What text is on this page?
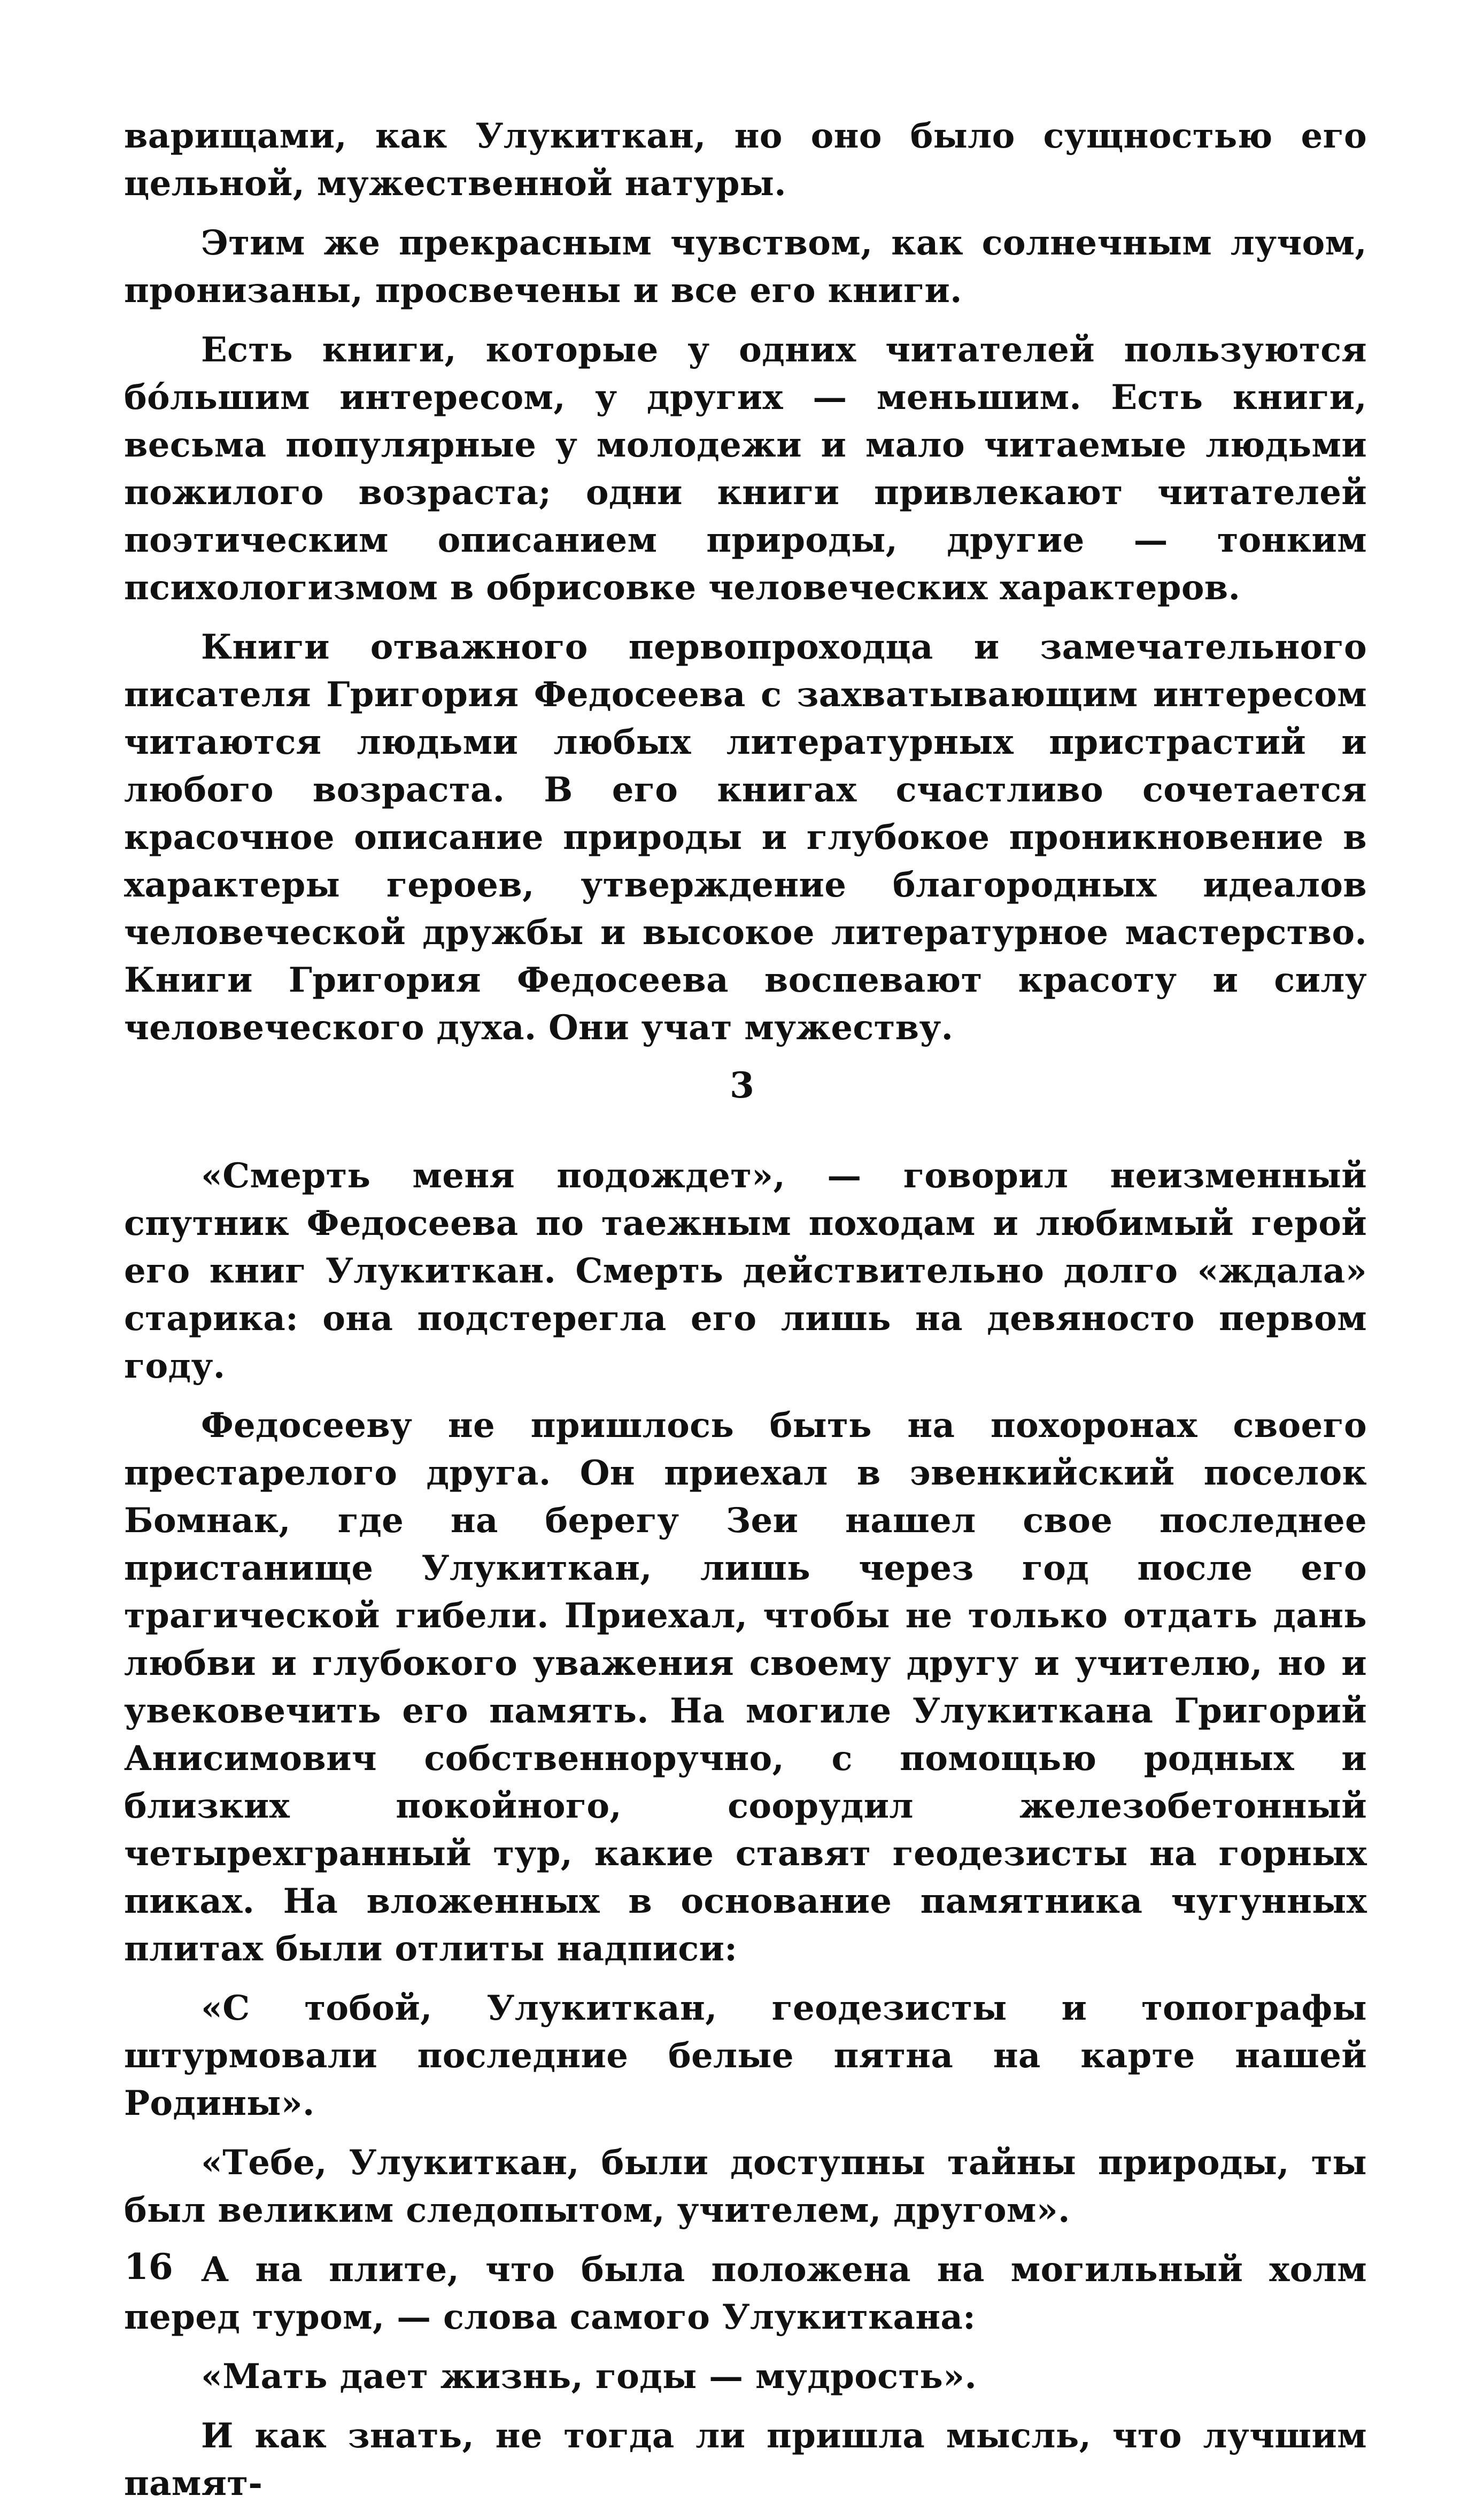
варищами, как Улукиткан, но оно было сущностью его цельной, мужественной натуры.

Этим же прекрасным чувством, как солнечным лучом, пронизаны, просвечены и все его книги.

Есть книги, которые у одних читателей пользуются бóльшим интересом, у других — меньшим. Есть книги, весьма популярные у молодежи и мало читаемые людьми пожилого возраста; одни книги привлекают читателей поэтическим описанием природы, другие — тонким психологизмом в обрисовке человеческих характеров.

Книги отважного первопроходца и замечательного писателя Григория Федосеева с захватывающим интересом читаются людьми любых литературных пристрастий и любого возраста. В его книгах счастливо сочетается красочное описание природы и глубокое проникновение в характеры героев, утверждение благородных идеалов человеческой дружбы и высокое литературное мастерство. Книги Григория Федосеева воспевают красоту и силу человеческого духа. Они учат мужеству.

3

«Смерть меня подождет», — говорил неизменный спутник Федосеева по таежным походам и любимый герой его книг Улукиткан. Смерть действительно долго «ждала» старика: она подстерегла его лишь на девяносто первом году.

Федосееву не пришлось быть на похоронах своего престарелого друга. Он приехал в эвенкийский поселок Бомнак, где на берегу Зеи нашел свое последнее пристанище Улукиткан, лишь через год после его трагической гибели. Приехал, чтобы не только отдать дань любви и глубокого уважения своему другу и учителю, но и увековечить его память. На могиле Улукиткана Григорий Анисимович собственноручно, с помощью родных и близких покойного, соорудил железобетонный четырехгранный тур, какие ставят геодезисты на горных пиках. На вложенных в основание памятника чугунных плитах были отлиты надписи:

«С тобой, Улукиткан, геодезисты и топографы штурмовали последние белые пятна на карте нашей Родины».

«Тебе, Улукиткан, были доступны тайны природы, ты был великим следопытом, учителем, другом».

А на плите, что была положена на могильный холм перед туром, — слова самого Улукиткана:

«Мать дает жизнь, годы — мудрость».

И как знать, не тогда ли пришла мысль, что лучшим памят-

16
